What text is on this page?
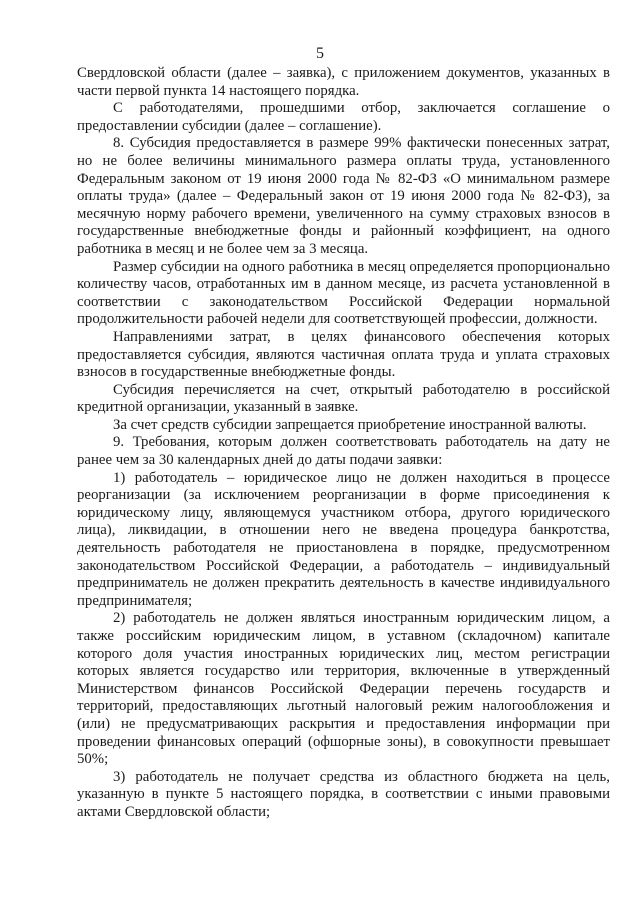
5

Свердловской области (далее – заявка), с приложением документов, указанных в части первой пункта 14 настоящего порядка.

С работодателями, прошедшими отбор, заключается соглашение о предоставлении субсидии (далее – соглашение).

8. Субсидия предоставляется в размере 99% фактически понесенных затрат, но не более величины минимального размера оплаты труда, установленного Федеральным законом от 19 июня 2000 года № 82-ФЗ «О минимальном размере оплаты труда» (далее – Федеральный закон от 19 июня 2000 года № 82-ФЗ), за месячную норму рабочего времени, увеличенного на сумму страховых взносов в государственные внебюджетные фонды и районный коэффициент, на одного работника в месяц и не более чем за 3 месяца.

Размер субсидии на одного работника в месяц определяется пропорционально количеству часов, отработанных им в данном месяце, из расчета установленной в соответствии с законодательством Российской Федерации нормальной продолжительности рабочей недели для соответствующей профессии, должности.

Направлениями затрат, в целях финансового обеспечения которых предоставляется субсидия, являются частичная оплата труда и уплата страховых взносов в государственные внебюджетные фонды.

Субсидия перечисляется на счет, открытый работодателю в российской кредитной организации, указанный в заявке.

За счет средств субсидии запрещается приобретение иностранной валюты.

9. Требования, которым должен соответствовать работодатель на дату не ранее чем за 30 календарных дней до даты подачи заявки:

1) работодатель – юридическое лицо не должен находиться в процессе реорганизации (за исключением реорганизации в форме присоединения к юридическому лицу, являющемуся участником отбора, другого юридического лица), ликвидации, в отношении него не введена процедура банкротства, деятельность работодателя не приостановлена в порядке, предусмотренном законодательством Российской Федерации, а работодатель – индивидуальный предприниматель не должен прекратить деятельность в качестве индивидуального предпринимателя;

2) работодатель не должен являться иностранным юридическим лицом, а также российским юридическим лицом, в уставном (складочном) капитале которого доля участия иностранных юридических лиц, местом регистрации которых является государство или территория, включенные в утвержденный Министерством финансов Российской Федерации перечень государств и территорий, предоставляющих льготный налоговый режим налогообложения и (или) не предусматривающих раскрытия и предоставления информации при проведении финансовых операций (офшорные зоны), в совокупности превышает 50%;

3) работодатель не получает средства из областного бюджета на цель, указанную в пункте 5 настоящего порядка, в соответствии с иными правовыми актами Свердловской области;
